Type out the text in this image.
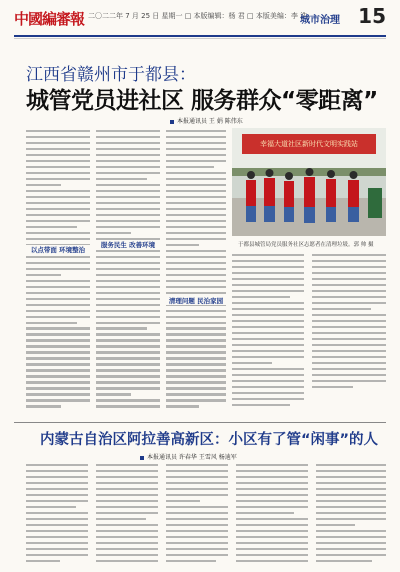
中國編審報 二〇二二年 7 月 25 日 星期一 □ 本版编辑：杨 君 □ 本版美编：李 浩
城市治理 15
江西省赣州市于都县：
城管党员进社区 服务群众“零距离”
本报通讯员 王 娟 陈伟东
以点带面 环境整治
服务民生 改善环境
清理问题 民治家园
幸福大道社区新时代文明实践站
于都县城管局党员服务社区志愿者在清理垃圾。郭 帅 摄
内蒙古自治区阿拉善高新区：小区有了管“闲事”的人
本报通讯员 许春华 王雪风 杨迪军
